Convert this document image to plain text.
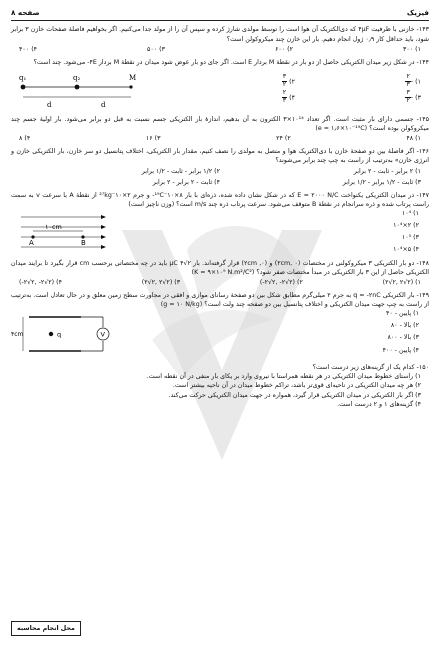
فیزیک
صفحه ۸
۱۴۳- خازنی با ظرفیت ۴μF که دی‌الکتریک آن هوا است را توسط مولدی شارژ کرده و سپس آن را از مولد جدا می‌کنیم. اگر بخواهیم فاصلهٔ صفحات خازن ۳ برابر شود، باید حداقل کار ۰٫۹ ژول انجام دهیم. بار این خازن چند میکروکولن است؟
۱) ۳۰۰
۲) ۶۰۰
۳) ۵۰۰
۴) ۴۰۰
۱۴۴- در شکل زیر میدان الکتریکی حاصل از دو بار در نقطهٔ M بردار E است. اگر جای دو بار عوض شود میدان در نقطهٔ M بردار ۴E- می‌شود. چند است؟
۱) -
$\frac{۲}{۳}$
۲)
$\frac{۳}{۲}$
۳) -
$\frac{۳}{۲}$
۴)
$\frac{۲}{۳}$
q₁	q₂	M
d	d
۱۴۵- جسمی دارای بار مثبت است. اگر تعداد ۱۰¹⁴×۳ الکترون به آن بدهیم، اندازهٔ بار الکتریکی جسم نسبت به قبل دو برابر می‌شود. بار اولیهٔ جسم چند میکروکولن بوده است؟ (e = ۱٫۶×۱۰⁻¹⁹C)
۱) ۴۸
۲) ۲۴
۳) ۱۶
۴) ۸
۱۴۶- اگر فاصلهٔ بین دو صفحهٔ خازن با دی‌الکتریک هوا و متصل به مولدی را نصف کنیم، مقدار بار الکتریکی، اختلاف پتانسیل دو سر خازن، بار الکتریکی خازن و انرژی خازن» به‌ترتیب از راست به چپ چند برابر می‌شوند؟
۱) ۲ برابر - ثابت - ۲ برابر
۲) ۱/۲ برابر - ثابت - ۱/۲ برابر
۳) ثابت - ۱/۲ برابر - ۱/۲ برابر
۴) ثابت - ۲ برابر - ۲ برابر
۱۴۷- در میدان الکتریکی یکنواخت E = ۲۰۰۰ N/C که در شکل نشان داده شده، ذره‌ای با بار ۸×۱۰⁻¹⁹C- و جرم ۲×۱۰⁻²⁷kg از نقطهٔ A با سرعت v به سمت راست پرتاب شده و ذره سرانجام در نقطهٔ B متوقف می‌شود. سرعت پرتاب ذره چند m/s است؟ (وزن ناچیز است)
۱) ۱۰⁴
۲) ۲×۱۰⁴
۳) ۱۰⁵
۴) ۵×۱۰⁴
۱۰cm
A	B
۱۴۸- دو بار الکتریکی ۳ میکروکولنی در مختصات (۲cm, ۰) و (۰, ۲cm) قرار گرفته‌اند. بار ۲√μC ۴ باید در چه مختصاتی برحسب cm قرار بگیرد تا برایند میدان الکتریکی حاصل از این ۳ بار الکتریکی در مبدأ مختصات صفر شود؟ (K = ۹×۱۰⁹ N.m²/C²)
۱) (۲√۲ ,۲√۲)
۲) (۲√۲- ,۲√۲-)
۳) (۲√۲ ,۲√۲)
۴) (۲√۲- ,۲√۲-)
۱۴۹- بار الکتریکی q = -۲nC به جرم ۲ میلی‌گرم مطابق شکل بین دو صفحهٔ رسانای موازی و افقی در مجاورت سطح زمین معلق و در حال تعادل است. به‌ترتیب از راست به چپ جهت میدان الکتریکی و اختلاف پتانسیل بین دو صفحه چند ولت است؟ (g = ۱۰ N/kg)
۱) پایین - ۴۰
۲) بالا - ۸۰
۳) بالا - ۸۰۰
۴) پایین - ۴۰۰
V
q
۴cm
۱۵۰- کدام یک از گزینه‌های زیر درست است؟
۱) راستای خطوط میدان الکتریکی در هر نقطه همراستا با نیروی وارد بر یکای بار منفی در آن نقطه است.
۲) هر چه میدان الکتریکی در ناحیه‌ای قوی‌تر باشد، تراکم خطوط میدان در آن ناحیه بیشتر است.
۳) اگر بار الکتریکی در میدان الکتریکی قرار گیرد، همواره در جهت میدان الکتریکی حرکت می‌کند.
۴) گزینه‌های ۱ و ۲ درست است.
محل انجام محاسبه
